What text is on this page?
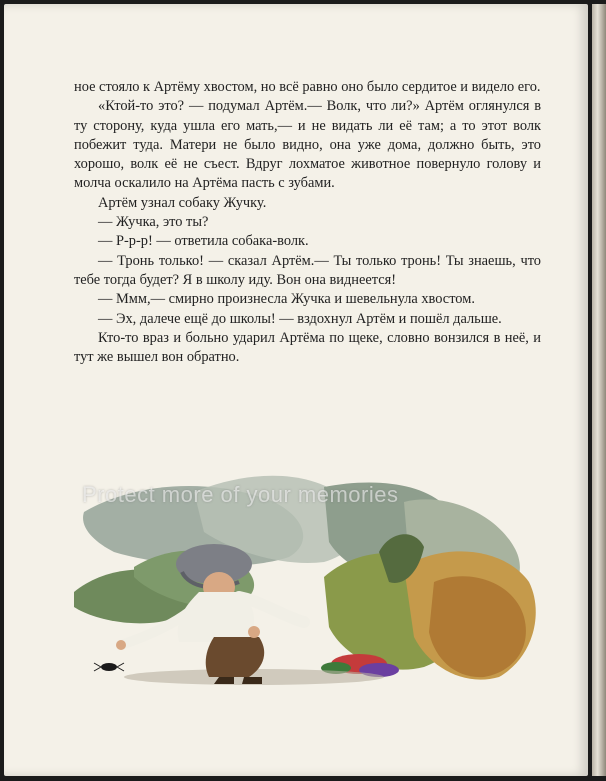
ное стояло к Артёму хвостом, но всё равно оно было сердитое и видело его.

«Ктой-то это? — подумал Артём.— Волк, что ли?» Артём оглянулся в ту сторону, куда ушла его мать,— и не видать ли её там; а то этот волк побежит туда. Матери не было видно, она уже дома, должно быть, это хорошо, волк её не съест. Вдруг лохматое животное повернуло голову и молча оскалило на Артёма пасть с зубами.

Артём узнал собаку Жучку.

— Жучка, это ты?

— Р-р-р! — ответила собака-волк.

— Тронь только! — сказал Артём.— Ты только тронь! Ты знаешь, что тебе тогда будет? Я в школу иду. Вон она виднеется!

— Ммм,— смирно произнесла Жучка и шевельнула хвостом.

— Эх, далече ещё до школы! — вздохнул Артём и пошёл дальше.

Кто-то враз и больно ударил Артёма по щеке, словно вонзился в неё, и тут же вышел вон обратно.

Protect more of your memories
